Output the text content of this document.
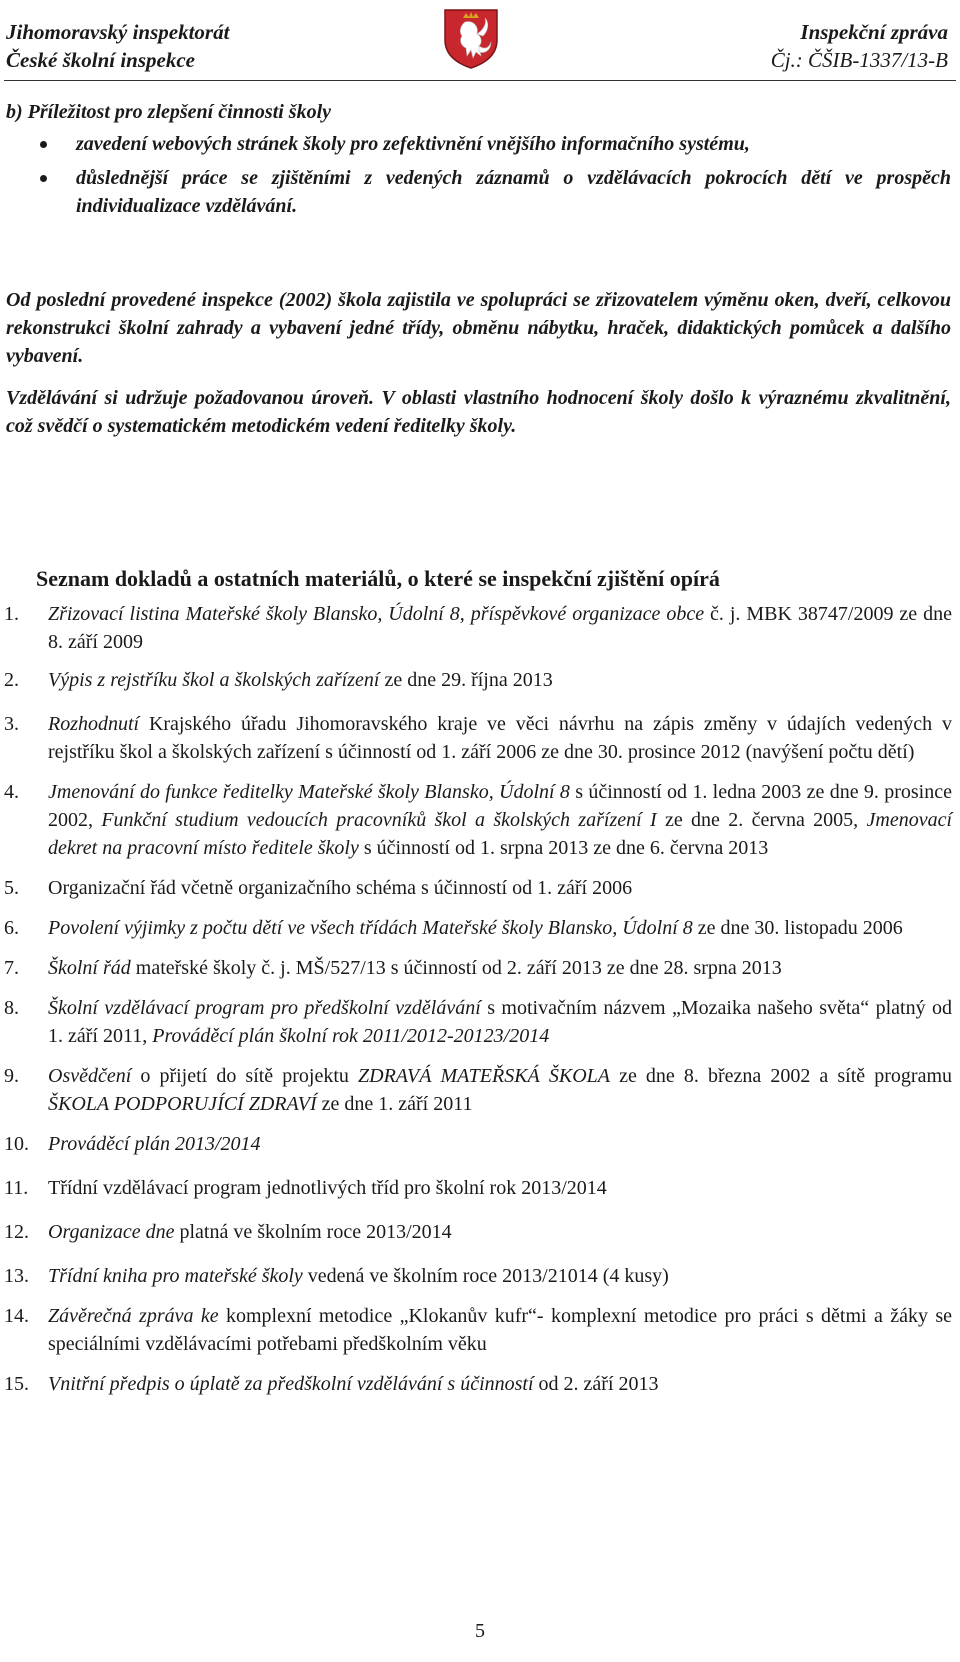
Jihomoravský inspektorát
České školní inspekce
Inspekční zpráva
Čj.: ČŠIB-1337/13-B
b) Příležitost pro zlepšení činnosti školy
zavedení webových stránek školy pro zefektivnění vnějšího informačního systému,
důslednější práce se zjištěními z vedených záznamů o vzdělávacích pokrocích dětí ve prospěch individualizace vzdělávání.

Od poslední provedené inspekce (2002) škola zajistila ve spolupráci se zřizovatelem výměnu oken, dveří, celkovou rekonstrukci školní zahrady a vybavení jedné třídy, obměnu nábytku, hraček, didaktických pomůcek a dalšího vybavení.

Vzdělávání si udržuje požadovanou úroveň. V oblasti vlastního hodnocení školy došlo k výraznému zkvalitnění, což svědčí o systematickém metodickém vedení ředitelky školy.

Seznam dokladů a ostatních materiálů, o které se inspekční zjištění opírá
1. Zřizovací listina Mateřské školy Blansko, Údolní 8, příspěvkové organizace obce č. j. MBK 38747/2009 ze dne 8. září 2009
2. Výpis z rejstříku škol a školských zařízení ze dne 29. října 2013
3. Rozhodnutí Krajského úřadu Jihomoravského kraje ve věci návrhu na zápis změny v údajích vedených v rejstříku škol a školských zařízení s účinností od 1. září 2006 ze dne 30. prosince 2012 (navýšení počtu dětí)
4. Jmenování do funkce ředitelky Mateřské školy Blansko, Údolní 8 s účinností od 1. ledna 2003 ze dne 9. prosince 2002, Funkční studium vedoucích pracovníků škol a školských zařízení I ze dne 2. června 2005, Jmenovací dekret na pracovní místo ředitele školy s účinností od 1. srpna 2013 ze dne 6. června 2013
5. Organizační řád včetně organizačního schéma s účinností od 1. září 2006
6. Povolení výjimky z počtu dětí ve všech třídách Mateřské školy Blansko, Údolní 8 ze dne 30. listopadu 2006
7. Školní řád mateřské školy č. j. MŠ/527/13 s účinností od 2. září 2013 ze dne 28. srpna 2013
8. Školní vzdělávací program pro předškolní vzdělávání s motivačním názvem „Mozaika našeho světa“ platný od 1. září 2011, Prováděcí plán školní rok 2011/2012-20123/2014
9. Osvědčení o přijetí do sítě projektu ZDRAVÁ MATEŘSKÁ ŠKOLA ze dne 8. března 2002 a sítě programu ŠKOLA PODPORUJÍCÍ ZDRAVÍ ze dne 1. září 2011
10. Prováděcí plán 2013/2014
11. Třídní vzdělávací program jednotlivých tříd pro školní rok 2013/2014
12. Organizace dne platná ve školním roce 2013/2014
13. Třídní kniha pro mateřské školy vedená ve školním roce 2013/21014 (4 kusy)
14. Závěrečná zpráva ke komplexní metodice „Klokanův kufr“- komplexní metodice pro práci s dětmi a žáky se speciálními vzdělávacími potřebami předškolním věku
15. Vnitřní předpis o úplatě za předškolní vzdělávání s účinností od 2. září 2013
5
